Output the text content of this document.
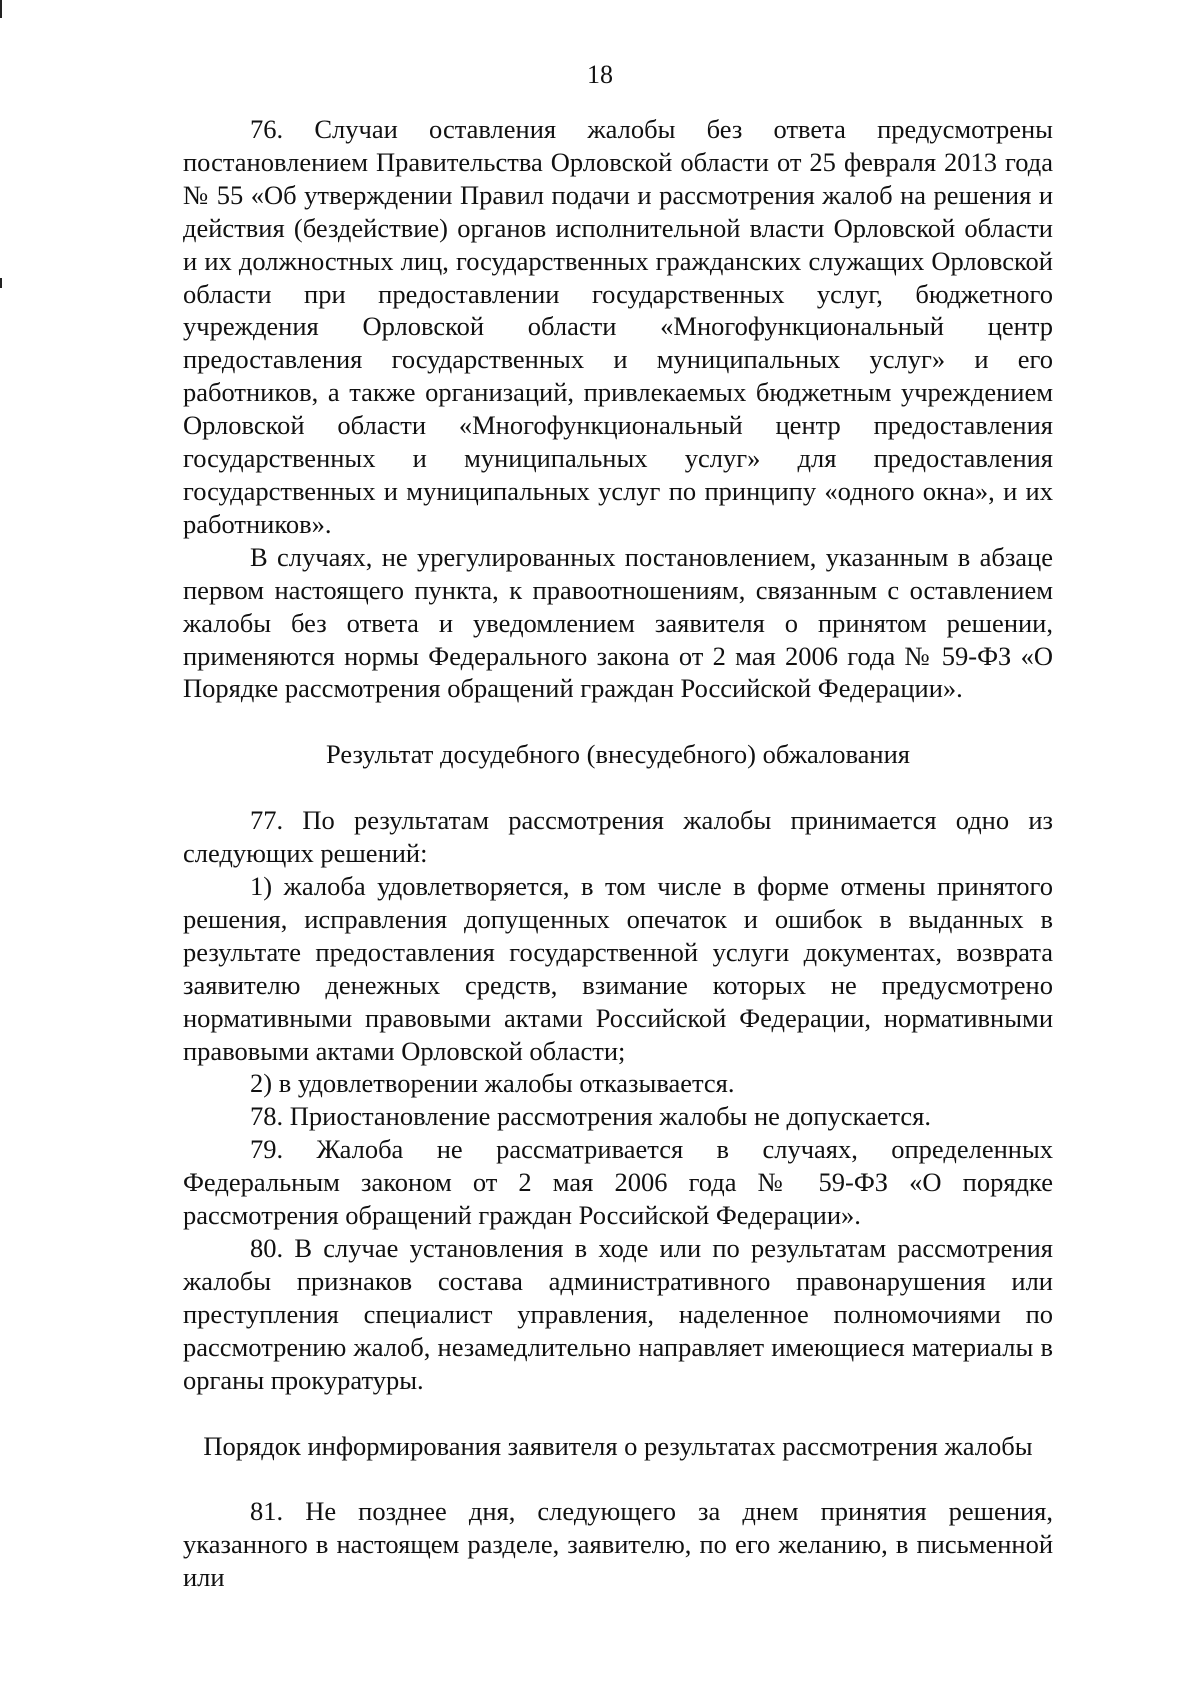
18

76. Случаи оставления жалобы без ответа предусмотрены постановлением Правительства Орловской области от 25 февраля 2013 года № 55 «Об утверждении Правил подачи и рассмотрения жалоб на решения и действия (бездействие) органов исполнительной власти Орловской области и их должностных лиц, государственных гражданских служащих Орловской области при предоставлении государственных услуг, бюджетного учреждения Орловской области «Многофункциональный центр предоставления государственных и муниципальных услуг» и его работников, а также организаций, привлекаемых бюджетным учреждением Орловской области «Многофункциональный центр предоставления государственных и муниципальных услуг» для предоставления государственных и муниципальных услуг по принципу «одного окна», и их работников».

В случаях, не урегулированных постановлением, указанным в абзаце первом настоящего пункта, к правоотношениям, связанным с оставлением жалобы без ответа и уведомлением заявителя о принятом решении, применяются нормы Федерального закона от 2 мая 2006 года № 59-ФЗ «О Порядке рассмотрения обращений граждан Российской Федерации».

Результат досудебного (внесудебного) обжалования

77. По результатам рассмотрения жалобы принимается одно из следующих решений:

1) жалоба удовлетворяется, в том числе в форме отмены принятого решения, исправления допущенных опечаток и ошибок в выданных в результате предоставления государственной услуги документах, возврата заявителю денежных средств, взимание которых не предусмотрено нормативными правовыми актами Российской Федерации, нормативными правовыми актами Орловской области;

2) в удовлетворении жалобы отказывается.

78. Приостановление рассмотрения жалобы не допускается.

79. Жалоба не рассматривается в случаях, определенных Федеральным законом от 2 мая 2006 года № 59-ФЗ «О порядке рассмотрения обращений граждан Российской Федерации».

80. В случае установления в ходе или по результатам рассмотрения жалобы признаков состава административного правонарушения или преступления специалист управления, наделенное полномочиями по рассмотрению жалоб, незамедлительно направляет имеющиеся материалы в органы прокуратуры.

Порядок информирования заявителя о результатах рассмотрения жалобы

81. Не позднее дня, следующего за днем принятия решения, указанного в настоящем разделе, заявителю, по его желанию, в письменной или
